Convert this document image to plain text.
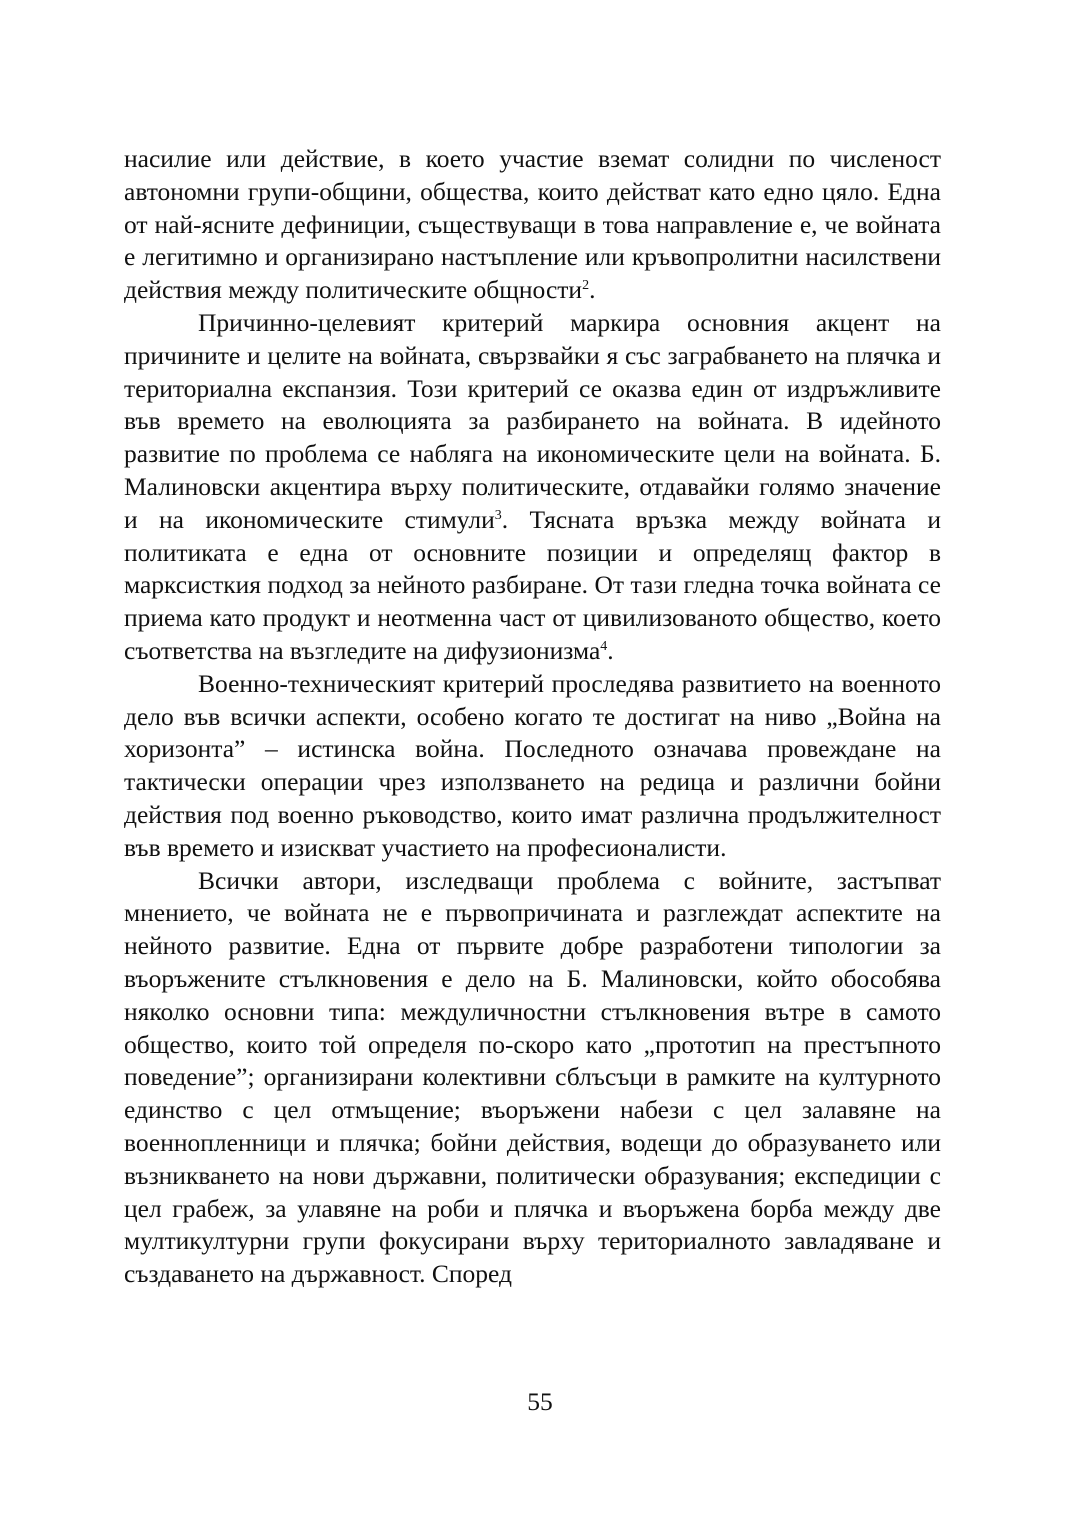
насилие или действие, в което участие вземат солидни по численост автономни групи-общини, общества, които действат като едно цяло. Една от най-ясните дефиниции, съществуващи в това направление е, че войната е легитимно и организирано настъпление или кръвопролитни насилствени действия между политическите общности$^2$.

Причинно-целевият критерий маркира основния акцент на причините и целите на войната, свързвайки я със заграбването на плячка и териториална експанзия. Този критерий се оказва един от издръжливите във времето на еволюцията за разбирането на войната. В идейното развитие по проблема се набляга на икономическите цели на войната. Б. Малиновски акцентира върху политическите, отдавайки голямо значение и на икономическите стимули$^3$. Тясната връзка между войната и политиката е една от основните позиции и определящ фактор в марксисткия подход за нейното разбиране. От тази гледна точка войната се приема като продукт и неотменна част от цивилизованото общество, което съответства на възгледите на дифузионизма$^4$.

Военно-техническият критерий проследява развитието на военното дело във всички аспекти, особено когато те достигат на ниво „Война на хоризонта” – истинска война. Последното означава провеждане на тактически операции чрез използването на редица и различни бойни действия под военно ръководство, които имат различна продължителност във времето и изискват участието на професионалисти.

Всички автори, изследващи проблема с войните, застъпват мнението, че войната не е първопричината и разглеждат аспектите на нейното развитие. Една от първите добре разработени типологии за въоръжените стълкновения е дело на Б. Малиновски, който обособява няколко основни типа: междуличностни стълкновения вътре в самото общество, които той определя по-скоро като „прототип на престъпното поведение”; организирани колективни сблъсъци в рамките на културното единство с цел отмъщение; въоръжени набези с цел залавяне на военнопленници и плячка; бойни действия, водещи до образуването или възникването на нови държавни, политически образувания; експедиции с цел грабеж, за улавяне на роби и плячка и въоръжена борба между две мултикултурни групи фокусирани върху териториалното завладяване и създаването на държавност. Според

55
